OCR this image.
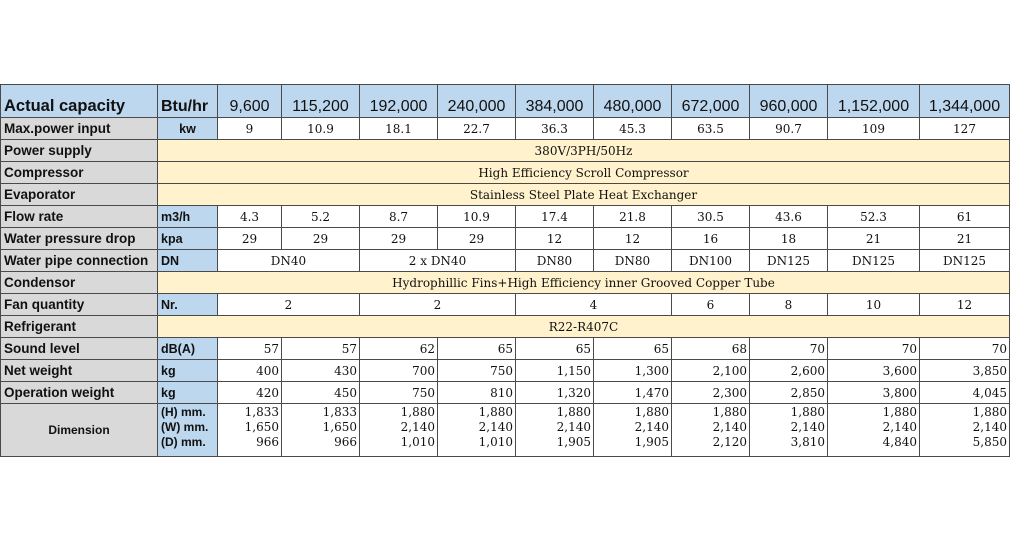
Actual capacity	Btu/hr	9,600	115,200	192,000	240,000	384,000	480,000	672,000	960,000	1,152,000	1,344,000
Max.power input	kw	9	10.9	18.1	22.7	36.3	45.3	63.5	90.7	109	127
Power supply	380V/3PH/50Hz										
Compressor	High Efficiency Scroll Compressor										
Evaporator	Stainless Steel Plate Heat Exchanger										
Flow rate	m3/h	4.3	5.2	8.7	10.9	17.4	21.8	30.5	43.6	52.3	61
Water pressure drop	kpa	29	29	29	29	12	12	16	18	21	21
Water pipe connection	DN	DN40		2 x DN40		DN80	DN80	DN100	DN125	DN125	DN125
Condensor	Hydrophillic Fins+High Efficiency inner Grooved Copper Tube										
Fan quantity	Nr.	2		2		4		6	8	10	12
Refrigerant	R22-R407C										
Sound level	dB(A)	57	57	62	65	65	65	68	70	70	70
Net weight	kg	400	430	700	750	1,150	1,300	2,100	2,600	3,600	3,850
Operation weight	kg	420	450	750	810	1,320	1,470	2,300	2,850	3,800	4,045
Dimension	(H) mm.	1,833	1,833	1,880	1,880	1,880	1,880	1,880	1,880	1,880	1,880
	(W) mm.	1,650	1,650	2,140	2,140	2,140	2,140	2,140	2,140	2,140	2,140
	(D) mm.	966	966	1,010	1,010	1,905	1,905	2,120	3,810	4,840	5,850
